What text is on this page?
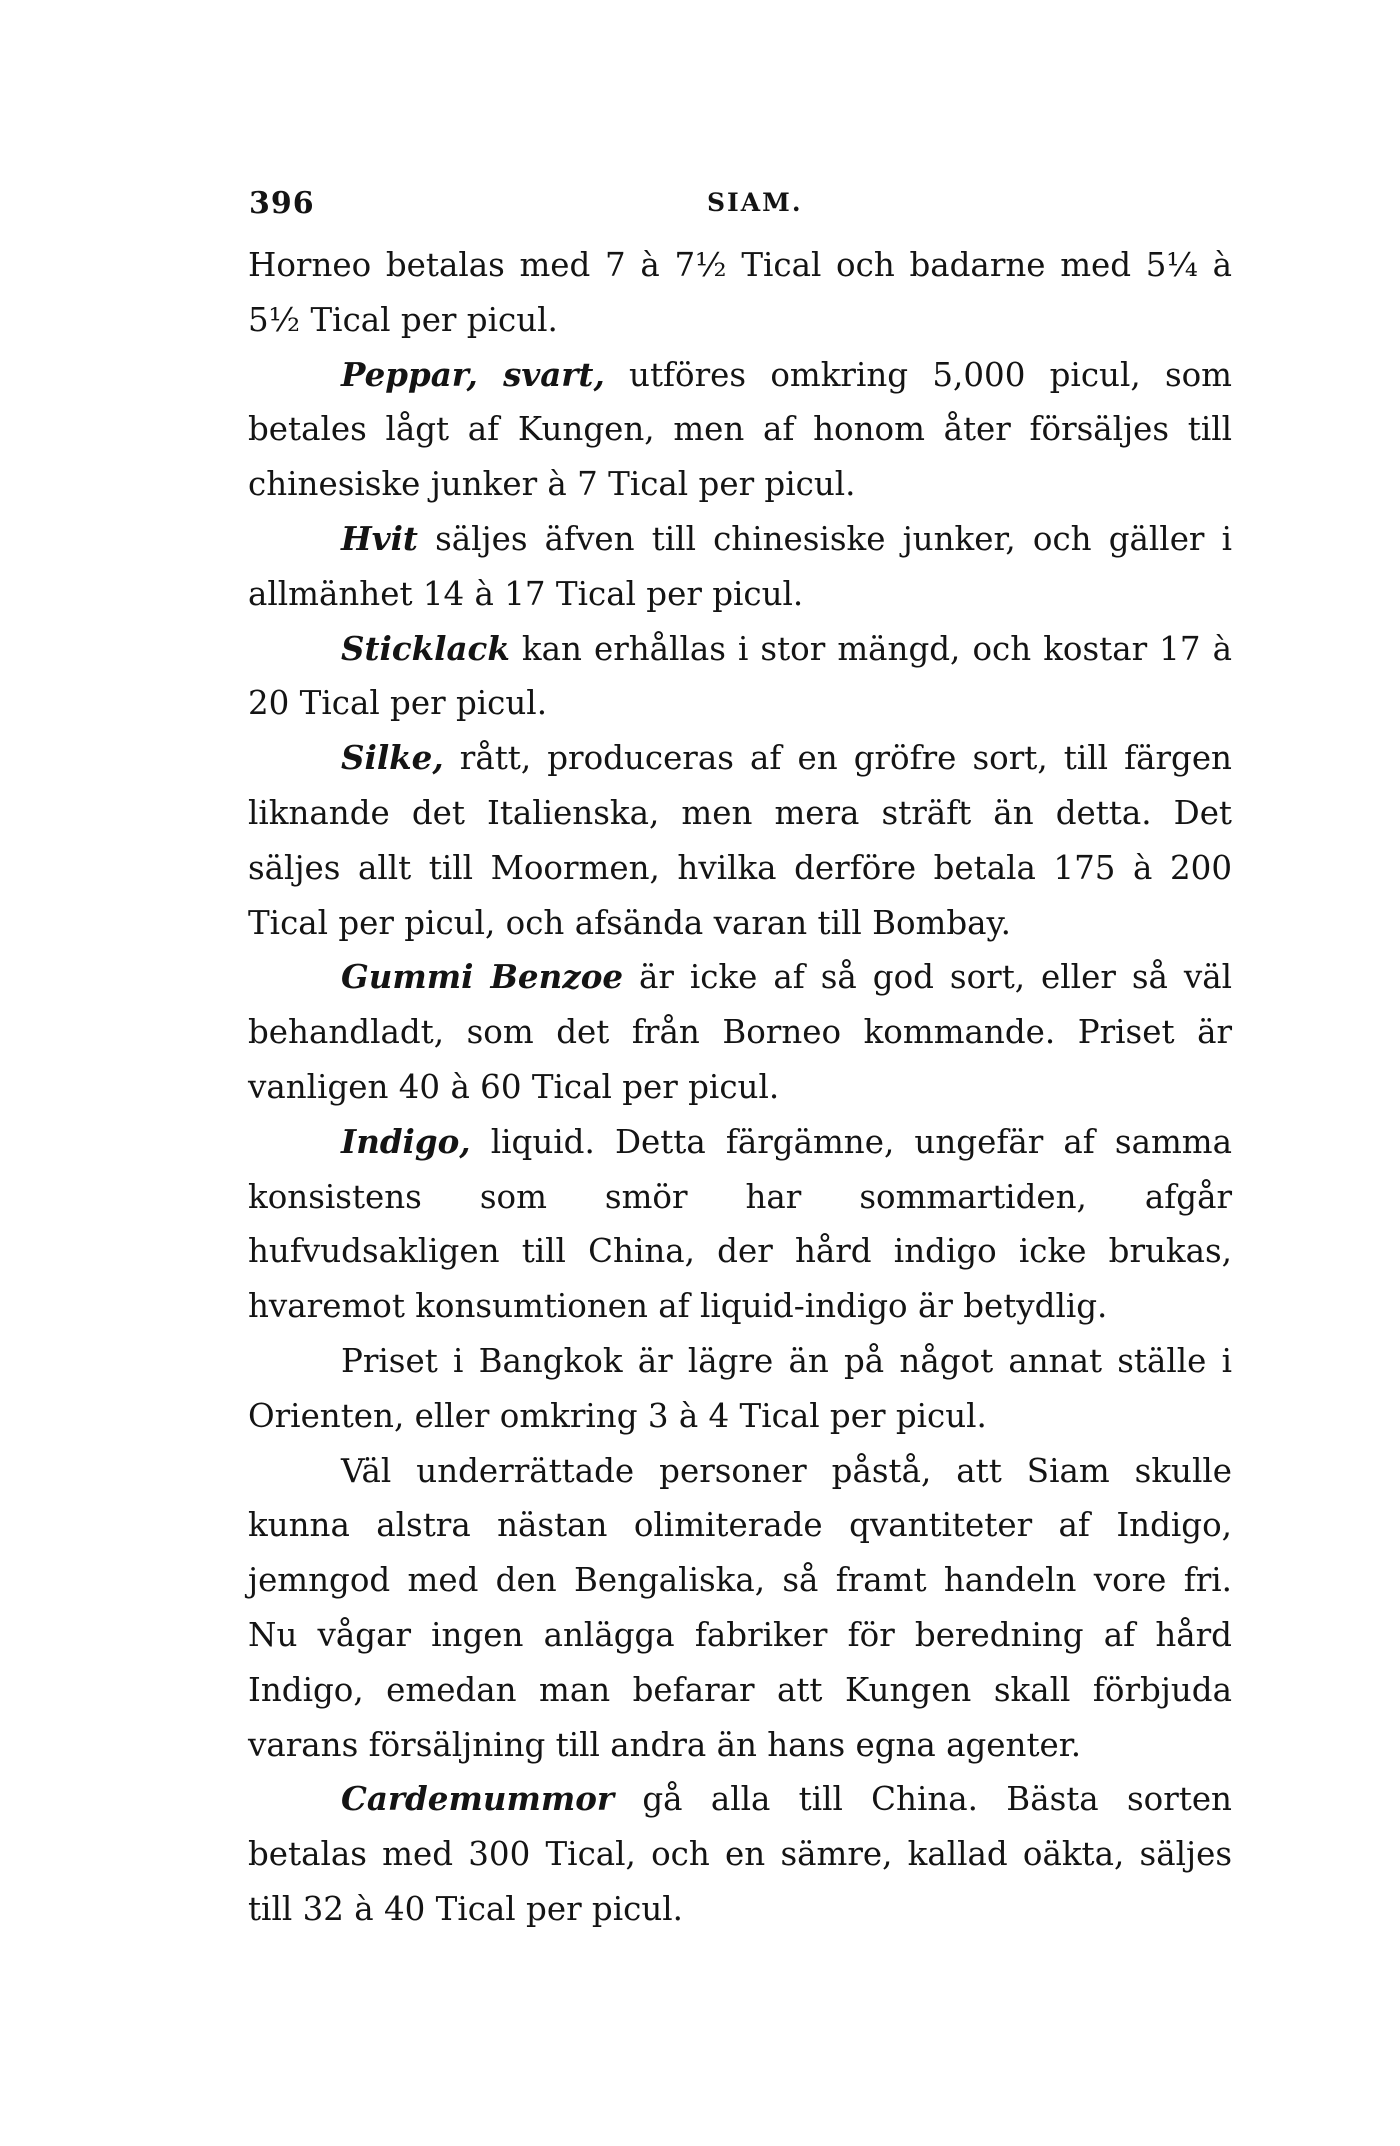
396	SIAM.

Horneo betalas med 7 à 7½ Tical och badarne med 5¼ à 5½ Tical per picul.

Peppar, svart, utföres omkring 5,000 picul, som betales lågt af Kungen, men af honom åter försäljes till chinesiske junker à 7 Tical per picul.

Hvit säljes äfven till chinesiske junker, och gäller i allmänhet 14 à 17 Tical per picul.

Sticklack kan erhållas i stor mängd, och kostar 17 à 20 Tical per picul.

Silke, rått, produceras af en gröfre sort, till färgen liknande det Italienska, men mera sträft än detta. Det säljes allt till Moormen, hvilka derföre betala 175 à 200 Tical per picul, och afsända varan till Bombay.

Gummi Benzoe är icke af så god sort, eller så väl behandladt, som det från Borneo kommande. Priset är vanligen 40 à 60 Tical per picul.

Indigo, liquid. Detta färgämne, ungefär af samma konsistens som smör har sommartiden, afgår hufvudsakligen till China, der hård indigo icke brukas, hvaremot konsumtionen af liquid-indigo är betydlig.

Priset i Bangkok är lägre än på något annat ställe i Orienten, eller omkring 3 à 4 Tical per picul.

Väl underrättade personer påstå, att Siam skulle kunna alstra nästan olimiterade qvantiteter af Indigo, jemngod med den Bengaliska, så framt handeln vore fri. Nu vågar ingen anlägga fabriker för beredning af hård Indigo, emedan man befarar att Kungen skall förbjuda varans försäljning till andra än hans egna agenter.

Cardemummor gå alla till China. Bästa sorten betalas med 300 Tical, och en sämre, kallad oäkta, säljes till 32 à 40 Tical per picul.
